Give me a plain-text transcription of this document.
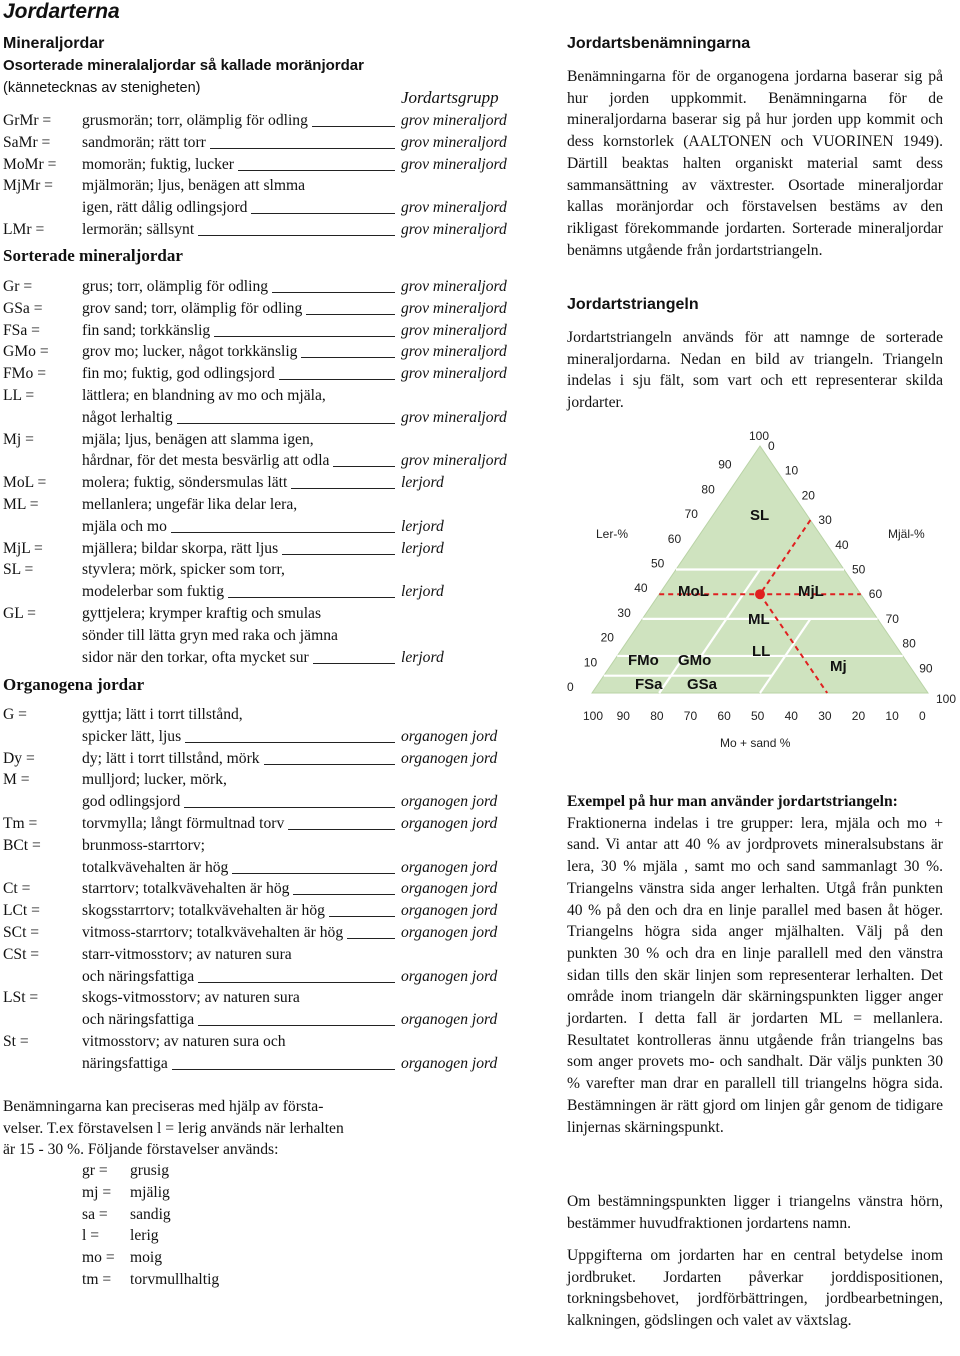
Jordarterna
Mineraljordar
Osorterade mineralaljordar så kallade moränjordar
(kännetecknas av stenigheten)	Jordartsgrupp
GrMr = grusmorän; torr, olämplig för odling	grov mineraljord
SaMr = sandmorän; rätt torr	grov mineraljord
MoMr = momorän; fuktig, lucker	grov mineraljord
MjMr = mjälmorän; ljus, benägen att slmma
igen, rätt dålig odlingsjord	grov mineraljord
LMr = lermorän; sällsynt	grov mineraljord
Gr =	grus; torr, olämplig för odling	grov mineraljord
GSa =	grov sand; torr, olämplig för odling	grov mineraljord
FSa =	fin sand; torkkänslig	grov mineraljord
GMo = grov mo; lucker, något torkkänslig	grov mineraljord
FMo = fin mo; fuktig, god odlingsjord	grov mineraljord
LL =	lättlera; en blandning av mo och mjäla,
något lerhaltig	grov mineraljord
Mj =	mjäla; ljus, benägen att slamma igen,
hårdnar, för det mesta besvärlig att odla	grov mineraljord
MoL = molera; fuktig, söndersmulas lätt	lerjord
ML =	mellanlera; ungefär lika delar lera,
mjäla och mo	lerjord
MjL =	mjällera; bildar skorpa, rätt ljus	lerjord
SL =	styvlera; mörk, spicker som torr,
modelerbar som fuktig	lerjord
GL =	gyttjelera; krymper kraftig och smulas
sönder till lätta gryn med raka och jämna
sidor när den torkar, ofta mycket sur	lerjord
G =	gyttja; lätt i torrt tillstånd,
spicker lätt, ljus	organogen jord
Dy =	dy; lätt i torrt tillstånd, mörk	organogen jord
M =	mulljord; lucker, mörk,
god odlingsjord	organogen jord
Tm =	torvmylla; långt förmultnad torv	organogen jord
BCt =	brunmoss-starrtorv;
totalkvävehalten är hög	organogen jord
Ct =	starrtorv; totalkvävehalten är hög	organogen jord
LCt =	skogsstarrtorv; totalkvävehalten är hög	organogen jord
SCt =	vitmoss-starrtorv; totalkvävehalten är hög	organogen jord
CSt =	starr-vitmosstorv; av naturen sura
och näringsfattiga	organogen jord
LSt =	skogs-vitmosstorv; av naturen sura
och näringsfattiga	organogen jord
St =	vitmosstorv; av naturen sura och
näringsfattiga	organogen jord
Sorterade mineraljordar
Organogena jordar
Benämningarna kan preciseras med hjälp av första-
velser. T.ex förstavelsen l = lerig används när lerhalten
är 15 - 30 %. Följande förstavelser används:
gr = grusig
mj = mjälig
sa = sandig
l = lerig
mo = moig
tm = torvmullhaltig
Jordartsbenämningarna
Benämningarna för de organogena jordarna baserar sig på hur jorden uppkommit. Benämningarna för de mineraljordarna baserar sig på hur jorden upp kommit och dess kornstorlek (AALTONEN och VUORINEN 1949). Därtill beaktas halten organiskt material samt dess sammansättning av växtrester. Osortade mineraljordar kallas moränjordar och förstavelsen bestäms av den rikligast förekommande jordarten. Sorterade mineraljordar benämns utgående från jordartstriangeln.
Jordartstriangeln
Jordartstriangeln används för att namnge de sorterade mineraljordarna. Nedan en bild av triangeln. Triangeln indelas i sju fält, som vart och ett representerar skilda jordarter.
0
10
20
30
40
50
60
70
80
90
100
0
10
20
30
40
50
60
70
80
90
100
100 90 80 70 60 50 40 30 20 10 0
Ler-%	Mjäl-%
Mo + sand %
SL
MoL	MjL
ML
LL
FMo GMo	Mj
FSa GSa
Exempel på hur man använder jordartstriangeln:
Fraktionerna indelas i tre grupper: lera, mjäla och mo + sand. Vi antar att 40 % av jordprovets mineralsubstans är lera, 30 % mjäla , samt mo och sand sammanlagt 30 %. Triangelns vänstra sida anger lerhalten. Utgå från punkten 40 % på den och dra en linje parallel med basen åt höger. Triangelns högra sida anger mjälhalten. Välj på den punkten 30 % och dra en linje parallell med den vänstra sidan tills den skär linjen som representerar lerhalten. Det område inom triangeln där skärningspunkten ligger anger jordarten. I detta fall är jordarten ML = mellanlera. Resultatet kontrolleras ännu utgående från triangelns bas som anger provets mo- och sandhalt. Där väljs punkten 30 % varefter man drar en parallell till triangelns högra sida. Bestämningen är rätt gjord om linjen går genom de tidigare linjernas skärningspunkt.
Om bestämningspunkten ligger i triangelns vänstra hörn, bestämmer huvudfraktionen jordartens namn.
Uppgifterna om jordarten har en central betydelse inom jordbruket. Jordarten påverkar jorddispositionen, torkningsbehovet, jordförbättringen, jordbearbetningen, kalkningen, gödslingen och valet av växtslag.
